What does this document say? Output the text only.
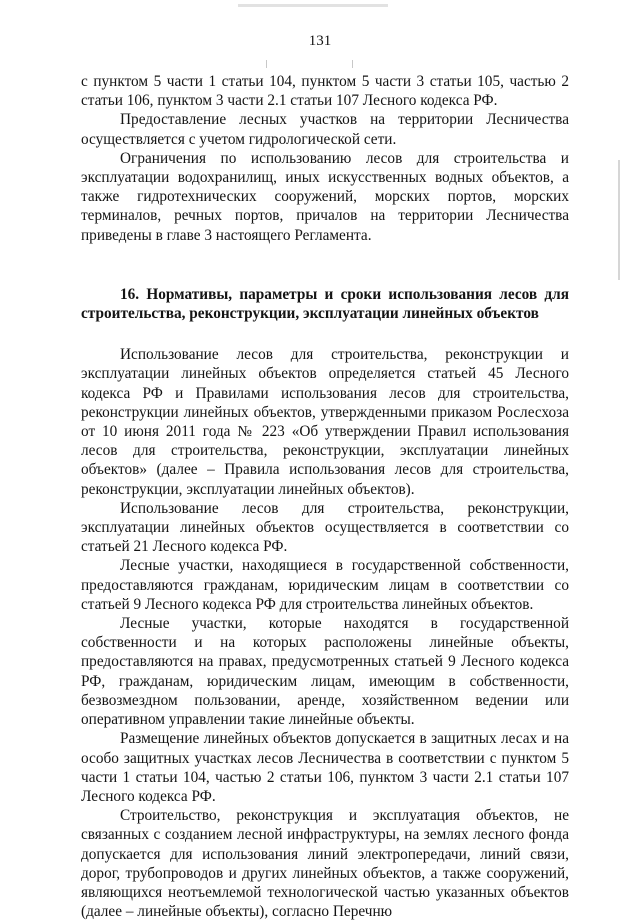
131

с пунктом 5 части 1 статьи 104, пунктом 5 части 3 статьи 105, частью 2 статьи 106, пунктом 3 части 2.1 статьи 107 Лесного кодекса РФ.

Предоставление лесных участков на территории Лесничества осуществляется с учетом гидрологической сети.

Ограничения по использованию лесов для строительства и эксплуатации водохранилищ, иных искусственных водных объектов, а также гидротехнических сооружений, морских портов, морских терминалов, речных портов, причалов на территории Лесничества приведены в главе 3 настоящего Регламента.

16. Нормативы, параметры и сроки использования лесов для строительства, реконструкции, эксплуатации линейных объектов

Использование лесов для строительства, реконструкции и эксплуатации линейных объектов определяется статьей 45 Лесного кодекса РФ и Правилами использования лесов для строительства, реконструкции линейных объектов, утвержденными приказом Рослесхоза от 10 июня 2011 года № 223 «Об утверждении Правил использования лесов для строительства, реконструкции, эксплуатации линейных объектов» (далее – Правила использования лесов для строительства, реконструкции, эксплуатации линейных объектов).

Использование лесов для строительства, реконструкции, эксплуатации линейных объектов осуществляется в соответствии со статьей 21 Лесного кодекса РФ.

Лесные участки, находящиеся в государственной собственности, предоставляются гражданам, юридическим лицам в соответствии со статьей 9 Лесного кодекса РФ для строительства линейных объектов.

Лесные участки, которые находятся в государственной собственности и на которых расположены линейные объекты, предоставляются на правах, предусмотренных статьей 9 Лесного кодекса РФ, гражданам, юридическим лицам, имеющим в собственности, безвозмездном пользовании, аренде, хозяйственном ведении или оперативном управлении такие линейные объекты.

Размещение линейных объектов допускается в защитных лесах и на особо защитных участках лесов Лесничества в соответствии с пунктом 5 части 1 статьи 104, частью 2 статьи 106, пунктом 3 части 2.1 статьи 107 Лесного кодекса РФ.

Строительство, реконструкция и эксплуатация объектов, не связанных с созданием лесной инфраструктуры, на землях лесного фонда допускается для использования линий электропередачи, линий связи, дорог, трубопроводов и других линейных объектов, а также сооружений, являющихся неотъемлемой технологической частью указанных объектов (далее – линейные объекты), согласно Перечню
